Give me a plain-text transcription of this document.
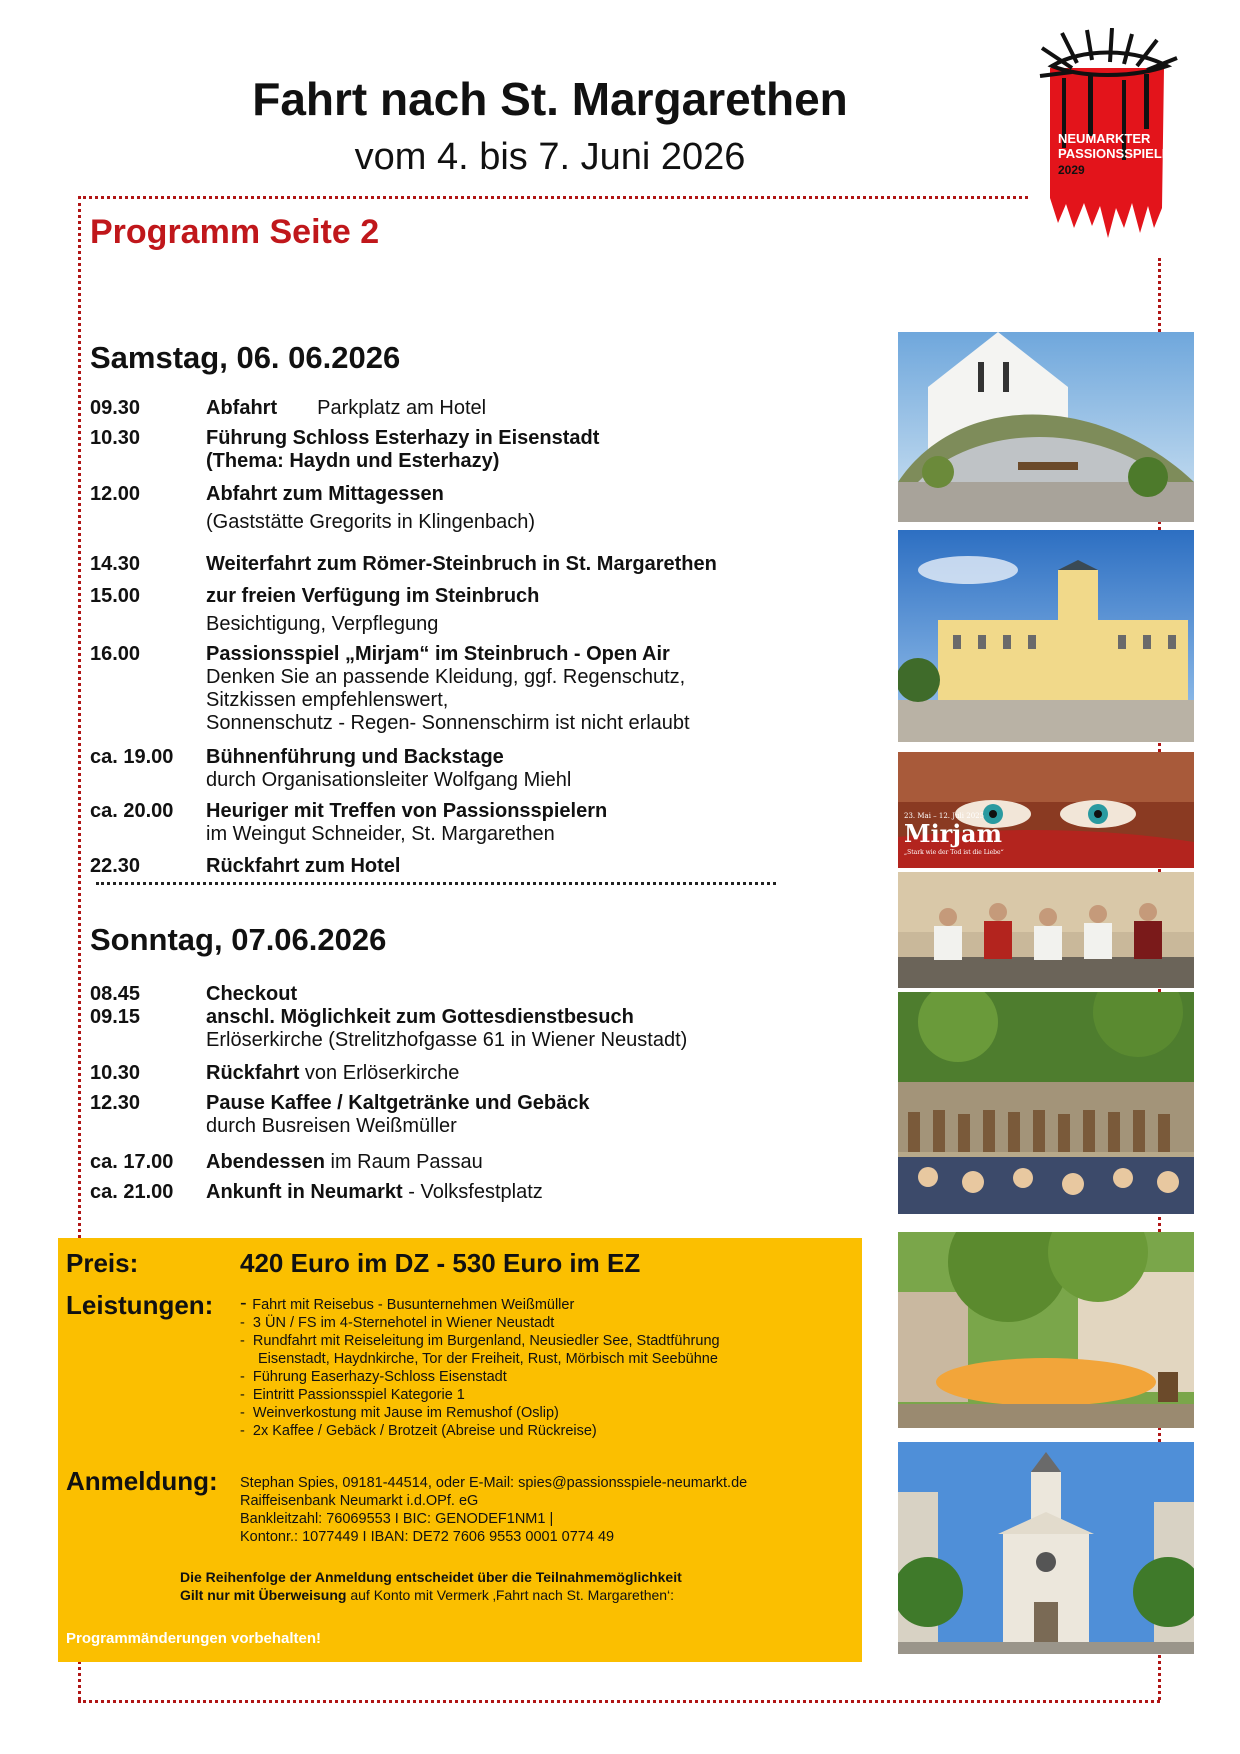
Fahrt nach St. Margarethen
vom 4. bis 7. Juni 2026	NEUMARKTER
PASSIONSSPIELE
2029
Programm Seite 2
Samstag, 06. 06.2026
09.30	Abfahrt Parkplatz am Hotel
10.30	Führung Schloss Esterhazy in Eisenstadt
(Thema: Haydn und Esterhazy)
12.00	Abfahrt zum Mittagessen
(Gaststätte Gregorits in Klingenbach)
14.30	Weiterfahrt zum Römer-Steinbruch in St. Margarethen
15.00	zur freien Verfügung im Steinbruch
Besichtigung, Verpflegung
16.00	Passionsspiel „Mirjam“ im Steinbruch - Open Air
Denken Sie an passende Kleidung, ggf. Regenschutz,
Sitzkissen empfehlenswert,
Sonnenschutz - Regen- Sonnenschirm ist nicht erlaubt
ca. 19.00	Bühnenführung und Backstage
durch Organisationsleiter Wolfgang Miehl
ca. 20.00	Heuriger mit Treffen von Passionsspielern
im Weingut Schneider, St. Margarethen
22.30	Rückfahrt zum Hotel
Sonntag, 07.06.2026
08.45	Checkout
09.15	anschl. Möglichkeit zum Gottesdienstbesuch
Erlöserkirche (Strelitzhofgasse 61 in Wiener Neustadt)
10.30	Rückfahrt von Erlöserkirche
12.30	Pause Kaffee / Kaltgetränke und Gebäck
durch Busreisen Weißmüller
ca. 17.00	Abendessen im Raum Passau
ca. 21.00	Ankunft in Neumarkt - Volksfestplatz
Preis:	420 Euro im DZ - 530 Euro im EZ
Leistungen: - Fahrt mit Reisebus - Busunternehmen Weißmüller
-  3 ÜN / FS im 4-Sternehotel in Wiener Neustadt
-  Rundfahrt mit Reiseleitung im Burgenland, Neusiedler See, Stadtführung
Eisenstadt, Haydnkirche, Tor der Freiheit, Rust, Mörbisch mit Seebühne
-  Führung Easerhazy-Schloss Eisenstadt
-  Eintritt Passionsspiel Kategorie 1
-  Weinverkostung mit Jause im Remushof (Oslip)
-  2x Kaffee / Gebäck / Brotzeit (Abreise und Rückreise)
Anmeldung: Stephan Spies, 09181-44514, oder E-Mail: spies@passionsspiele-neumarkt.de
Raiffeisenbank Neumarkt i.d.OPf. eG
Bankleitzahl: 76069553 I BIC: GENODEF1NM1 |
Kontonr.: 1077449 I IBAN: DE72 7606 9553 0001 0774 49
Die Reihenfolge der Anmeldung entscheidet über die Teilnahmemöglichkeit
Gilt nur mit Überweisung auf Konto mit Vermerk ‚Fahrt nach St. Margarethen‘:
Programmänderungen vorbehalten!
23. Mai – 12. Juli 2025
Mirjam
„Stark wie der Tod ist die Liebe“
